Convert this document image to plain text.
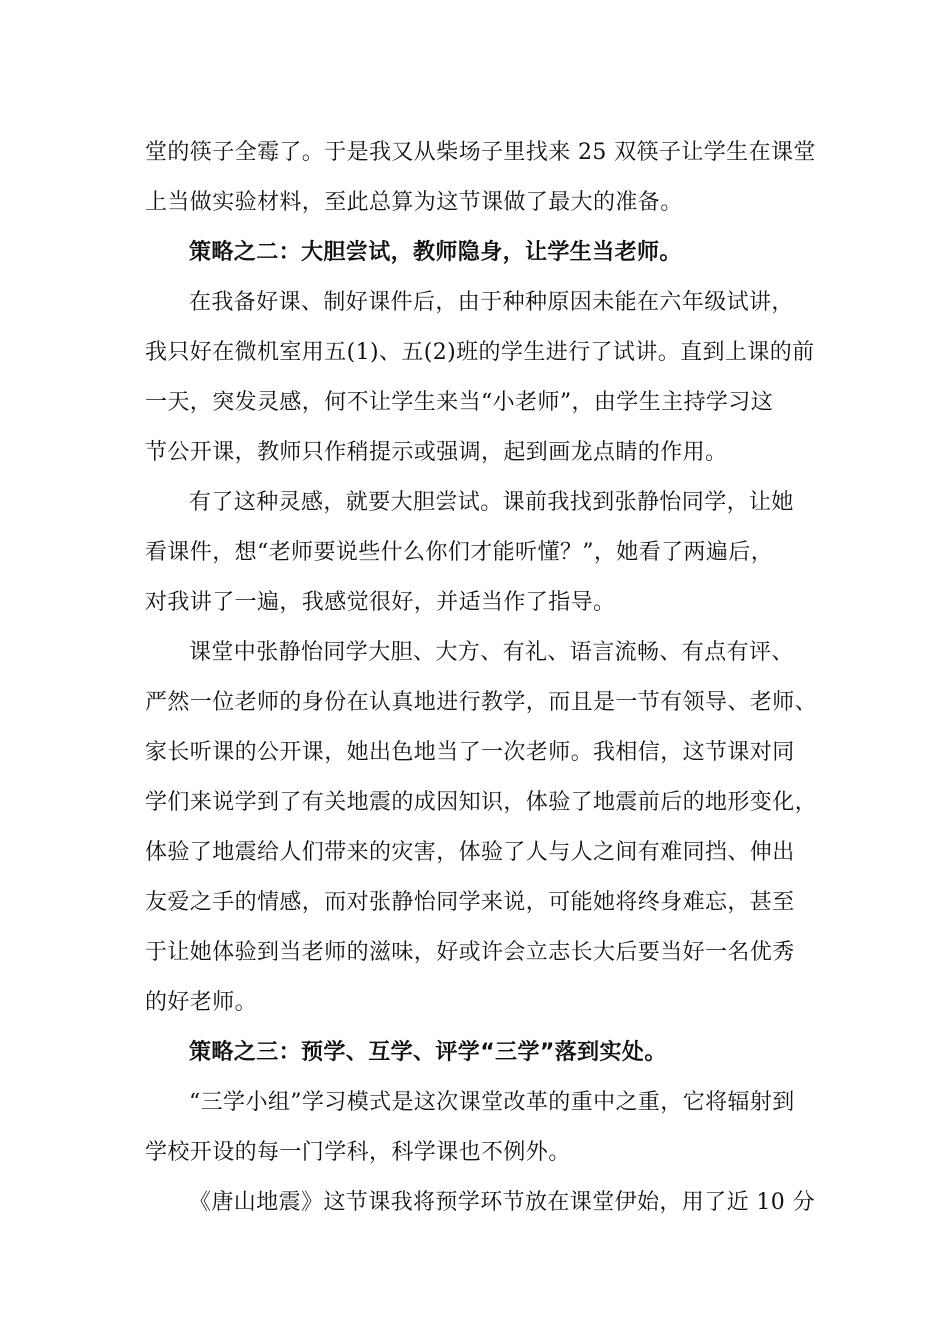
堂的筷子全霉了。于是我又从柴场子里找来 25 双筷子让学生在课堂
上当做实验材料，至此总算为这节课做了最大的准备。
策略之二：大胆尝试，教师隐身，让学生当老师。
在我备好课、制好课件后，由于种种原因未能在六年级试讲，
我只好在微机室用五(1)、五(2)班的学生进行了试讲。直到上课的前
一天，突发灵感，何不让学生来当“小老师”，由学生主持学习这
节公开课，教师只作稍提示或强调，起到画龙点睛的作用。
有了这种灵感，就要大胆尝试。课前我找到张静怡同学，让她
看课件，想“老师要说些什么你们才能听懂？”，她看了两遍后，
对我讲了一遍，我感觉很好，并适当作了指导。
课堂中张静怡同学大胆、大方、有礼、语言流畅、有点有评、
严然一位老师的身份在认真地进行教学，而且是一节有领导、老师、
家长听课的公开课，她出色地当了一次老师。我相信，这节课对同
学们来说学到了有关地震的成因知识，体验了地震前后的地形变化，
体验了地震给人们带来的灾害，体验了人与人之间有难同挡、伸出
友爱之手的情感，而对张静怡同学来说，可能她将终身难忘，甚至
于让她体验到当老师的滋味，好或许会立志长大后要当好一名优秀
的好老师。
策略之三：预学、互学、评学“三学”落到实处。
“三学小组”学习模式是这次课堂改革的重中之重，它将辐射到
学校开设的每一门学科，科学课也不例外。
《唐山地震》这节课我将预学环节放在课堂伊始，用了近 10 分
